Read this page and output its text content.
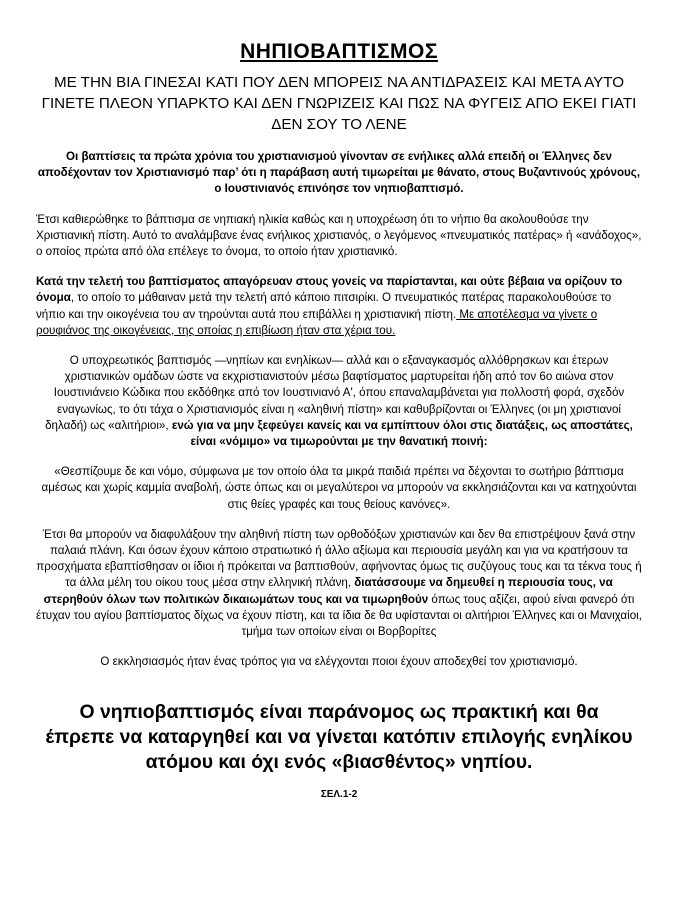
ΝΗΠΙΟΒΑΠΤΙΣΜΟΣ
ΜΕ ΤΗΝ ΒΙΑ ΓΙΝΕΣΑΙ ΚΑΤΙ ΠΟΥ ΔΕΝ ΜΠΟΡΕΙΣ ΝΑ ΑΝΤΙΔΡΑΣΕΙΣ ΚΑΙ ΜΕΤΑ ΑΥΤΟ ΓΙΝΕΤΕ ΠΛΕΟΝ ΥΠΑΡΚΤΟ ΚΑΙ ΔΕΝ ΓΝΩΡΙΖΕΙΣ ΚΑΙ ΠΩΣ ΝΑ ΦΥΓΕΙΣ ΑΠΟ ΕΚΕΙ ΓΙΑΤΙ ΔΕΝ ΣΟΥ ΤΟ ΛΕΝΕ
Οι βαπτίσεις τα πρώτα χρόνια του χριστιανισμού γίνονταν σε ενήλικες αλλά επειδή οι Έλληνες δεν αποδέχονταν τον Χριστιανισμό παρ’ ότι η παράβαση αυτή τιμωρείται με θάνατο, στους Βυζαντινούς χρόνους, ο Ιουστινιανός επινόησε τον νηπιοβαπτισμό.
Έτσι καθιερώθηκε το βάπτισμα σε νηπιακή ηλικία καθώς και η υποχρέωση ότι το νήπιο θα ακολουθούσε την Χριστιανική πίστη. Αυτό το αναλάμβανε ένας ενήλικος χριστιανός, ο λεγόμενος «πνευματικός πατέρας» ή «ανάδοχος», ο οποίος πρώτα από όλα επέλεγε το όνομα, το οποίο ήταν χριστιανικό.
Κατά την τελετή του βαπτίσματος απαγόρευαν στους γονείς να παρίστανται, και ούτε βέβαια να ορίζουν το όνομα, το οποίο το μάθαιναν μετά την τελετή από κάποιο πιτσιρίκι. Ο πνευματικός πατέρας παρακολουθούσε το νήπιο και την οικογένεια του αν τηρούνται αυτά που επιβάλλει η χριστιανική πίστη. Με αποτέλεσμα να γίνετε ο ρουφιάνος της οικογένειας, της οποίας η επιβίωση ήταν στα χέρια του.
Ο υποχρεωτικός βαπτισμός —νηπίων και ενηλίκων— αλλά και ο εξαναγκασμός αλλόθρησκων και έτερων χριστιανικών ομάδων ώστε να εκχριστιανιστούν μέσω βαφτίσματος μαρτυρείται ήδη από τον 6ο αιώνα στον Ιουστινιάνειο Κώδικα που εκδόθηκε από τον Ιουστινιανό Α', όπου επαναλαμβάνεται για πολλοστή φορά, σχεδόν εναγωνίως, το ότι τάχα ο Χριστιανισμός είναι η «αληθινή πίστη» και καθυβρίζονται οι Έλληνες (οι μη χριστιανοί δηλαδή) ως «αλιτήριοι», ενώ για να μην ξεφεύγει κανείς και να εμπίπτουν όλοι στις διατάξεις, ως αποστάτες, είναι «νόμιμο» να τιμωρούνται με την θανατική ποινή:
«Θεσπίζουμε δε και νόμο, σύμφωνα με τον οποίο όλα τα μικρά παιδιά πρέπει να δέχονται το σωτήριο βάπτισμα αμέσως και χωρίς καμμία αναβολή, ώστε όπως και οι μεγαλύτεροι να μπορούν να εκκλησιάζονται και να κατηχούνται στις θείες γραφές και τους θείους κανόνες».
Έτσι θα μπορούν να διαφυλάξουν την αληθινή πίστη των ορθοδόξων χριστιανών και δεν θα επιστρέψουν ξανά στην παλαιά πλάνη. Και όσων έχουν κάποιο στρατιωτικό ή άλλο αξίωμα και περιουσία μεγάλη και για να κρατήσουν τα προσχήματα εβαπτίσθησαν οι ίδιοι ή πρόκειται να βαπτισθούν, αφήνοντας όμως τις συζύγους τους και τα τέκνα τους ή τα άλλα μέλη του οίκου τους μέσα στην ελληνική πλάνη, διατάσσουμε να δημευθεί η περιουσία τους, να στερηθούν όλων των πολιτικών δικαιωμάτων τους και να τιμωρηθούν όπως τους αξίζει, αφού είναι φανερό ότι έτυχαν του αγίου βαπτίσματος δίχως να έχουν πίστη, και τα ίδια δε θα υφίστανται οι αλιτήριοι Έλληνες και οι Μανιχαίοι, τμήμα των οποίων είναι οι Βορβορίτες
Ο εκκλησιασμός ήταν ένας τρόπος για να ελέγχονται ποιοι έχουν αποδεχθεί τον χριστιανισμό.
Ο νηπιοβαπτισμός είναι παράνομος ως πρακτική και θα έπρεπε να καταργηθεί και να γίνεται κατόπιν επιλογής ενηλίκου ατόμου και όχι ενός «βιασθέντος» νηπίου.
ΣΕΛ.1-2
